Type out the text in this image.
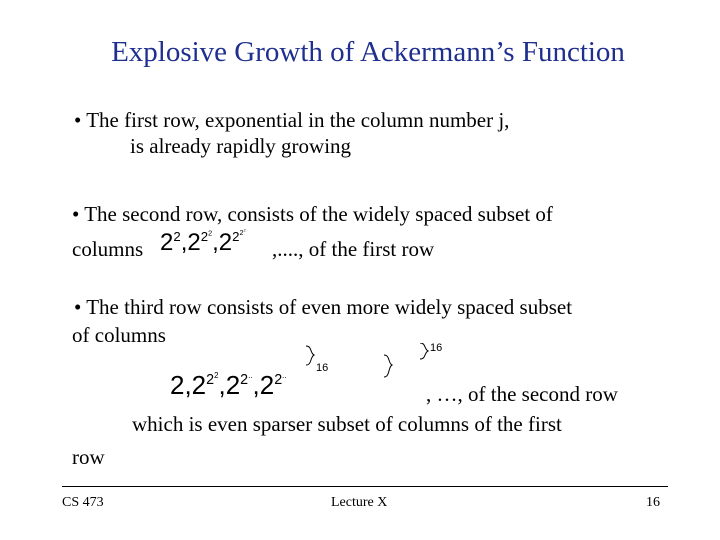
Explosive Growth of Ackermann’s Function
• The first row, exponential in the column number j,
is already rapidly growing
• The second row, consists of the widely spaced subset of
columns $2^2,2^{2^2},2^{2^{2^2}}$
,...., of the first row
• The third row consists of even more widely spaced subset
of columns
$2,2^{2^2},2^{2^{..}},2^{2^{..}}$
16
16
, …, of the second row
which is even sparser subset of columns of the first
row
CS 473	Lecture X	16
